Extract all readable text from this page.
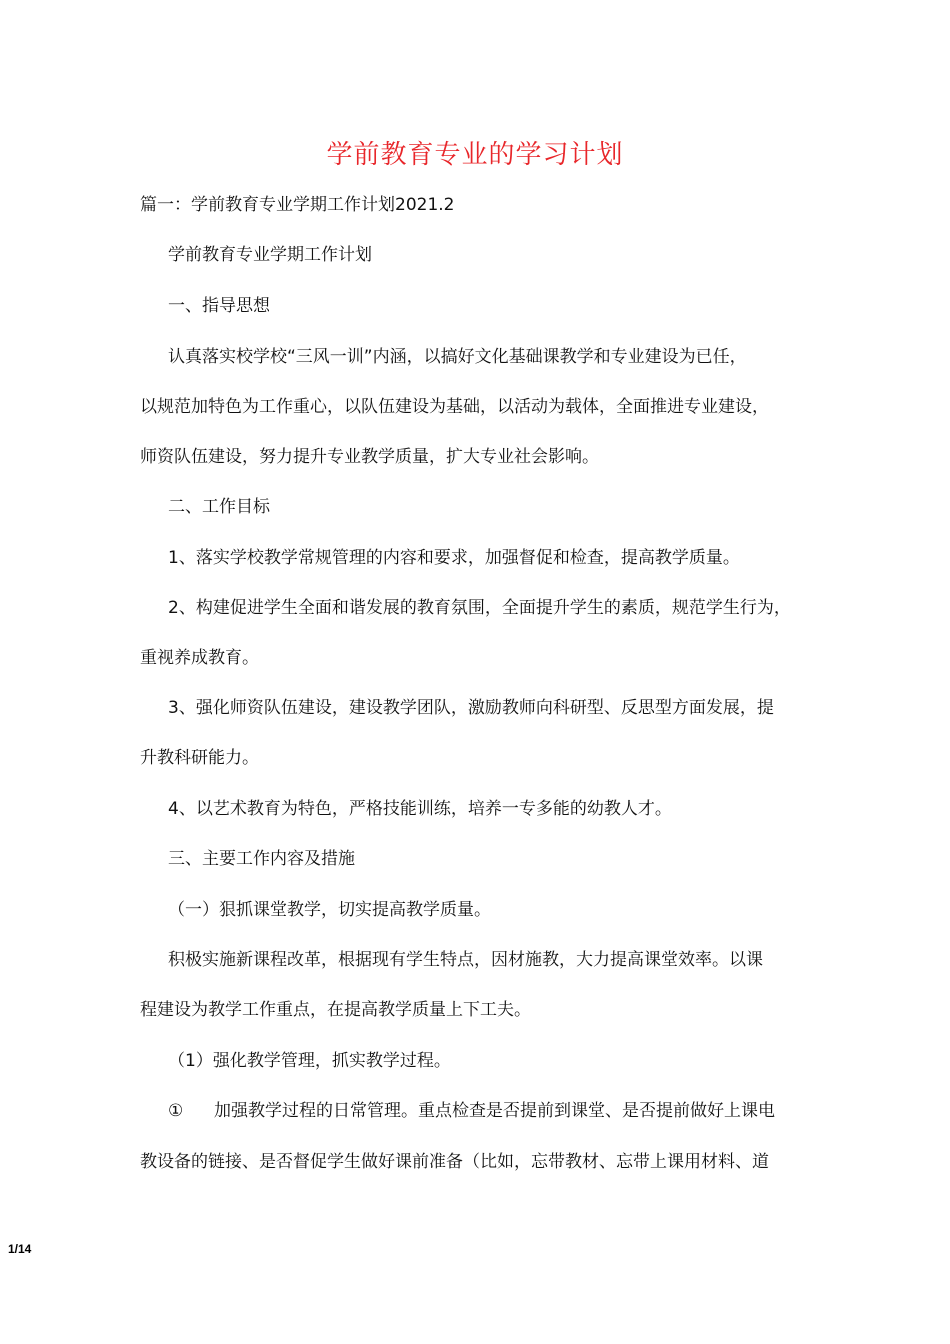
学前教育专业的学习计划
篇一：学前教育专业学期工作计划2021.2
学前教育专业学期工作计划
一、指导思想
认真落实校学校“三风一训”内涵，以搞好文化基础课教学和专业建设为已任，
以规范加特色为工作重心，以队伍建设为基础，以活动为载体，全面推进专业建设，
师资队伍建设，努力提升专业教学质量，扩大专业社会影响。
二、工作目标
1、落实学校教学常规管理的内容和要求，加强督促和检查，提高教学质量。
2、构建促进学生全面和谐发展的教育氛围，全面提升学生的素质，规范学生行为，
重视养成教育。
3、强化师资队伍建设，建设教学团队，激励教师向科研型、反思型方面发展，提
升教科研能力。
4、以艺术教育为特色，严格技能训练，培养一专多能的幼教人才。
三、主要工作内容及措施
（一）狠抓课堂教学，切实提高教学质量。
积极实施新课程改革，根据现有学生特点，因材施教，大力提高课堂效率。以课
程建设为教学工作重点，在提高教学质量上下工夫。
（1）强化教学管理，抓实教学过程。
① 加强教学过程的日常管理。重点检查是否提前到课堂、是否提前做好上课电
教设备的链接、是否督促学生做好课前准备（比如，忘带教材、忘带上课用材料、道
1/14
